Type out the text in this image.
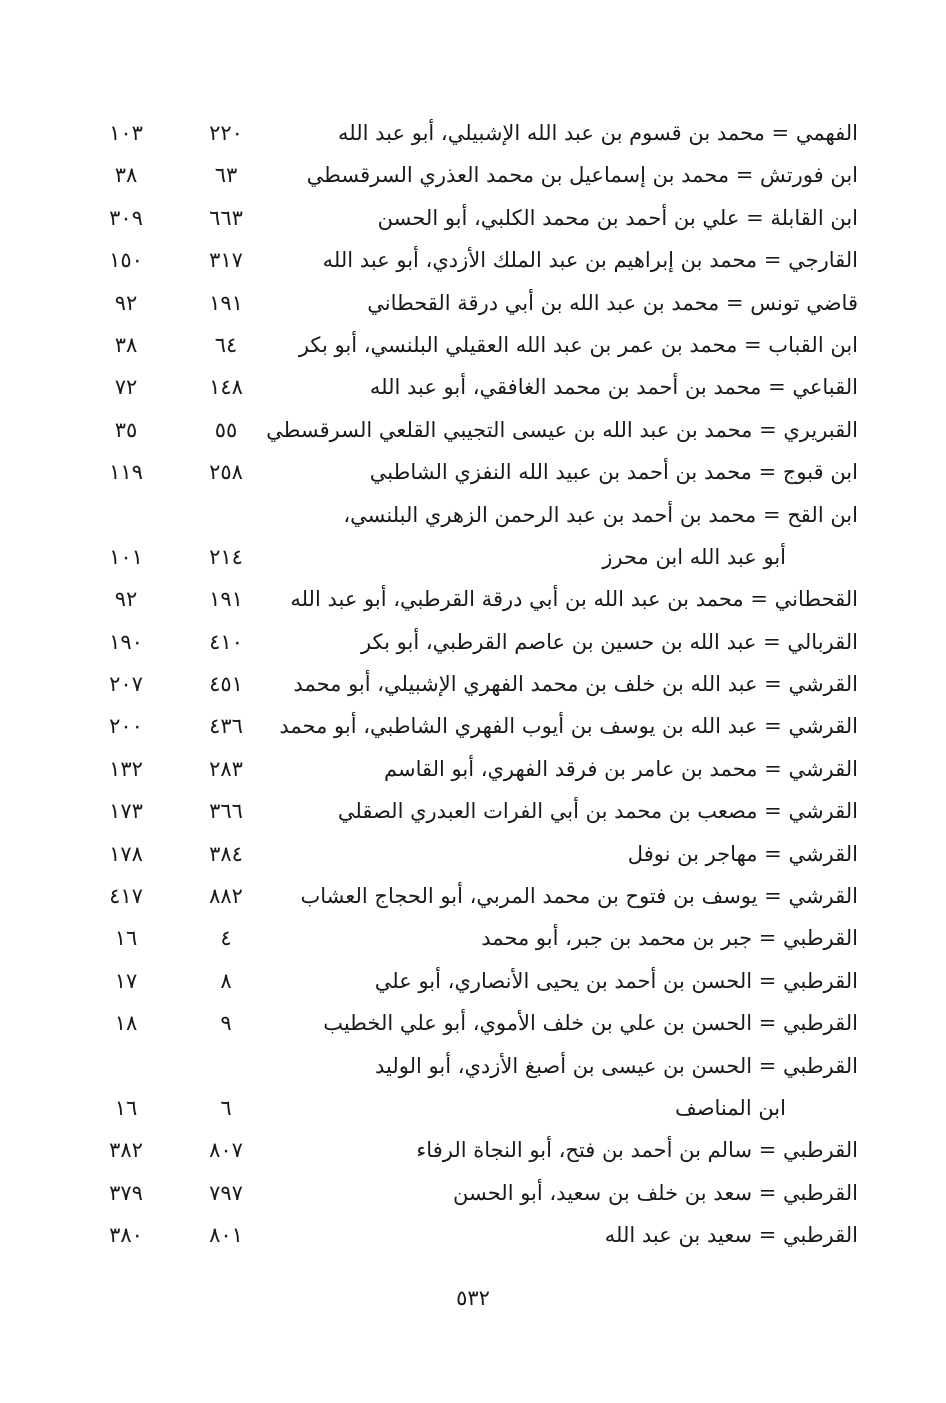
الفهمي = محمد بن قسوم بن عبد الله الإشبيلي، أبو عبد الله
٢٢٠
١٠٣
ابن فورتش = محمد بن إسماعيل بن محمد العذري السرقسطي
٦٣
٣٨
ابن القابلة = علي بن أحمد بن محمد الكلبي، أبو الحسن
٦٦٣
٣٠٩
القارجي = محمد بن إبراهيم بن عبد الملك الأزدي، أبو عبد الله
٣١٧
١٥٠
قاضي تونس = محمد بن عبد الله بن أبي درقة القحطاني
١٩١
٩٢
ابن القباب = محمد بن عمر بن عبد الله العقيلي البلنسي، أبو بكر
٦٤
٣٨
القباعي = محمد بن أحمد بن محمد الغافقي، أبو عبد الله
١٤٨
٧٢
القبريري = محمد بن عبد الله بن عيسى التجيبي القلعي السرقسطي
٥٥
٣٥
ابن قبوج = محمد بن أحمد بن عبيد الله النفزي الشاطبي
٢٥٨
١١٩
ابن القح = محمد بن أحمد بن عبد الرحمن الزهري البلنسي،
أبو عبد الله ابن محرز
٢١٤
١٠١
القحطاني = محمد بن عبد الله بن أبي درقة القرطبي، أبو عبد الله
١٩١
٩٢
القربالي = عبد الله بن حسين بن عاصم القرطبي، أبو بكر
٤١٠
١٩٠
القرشي = عبد الله بن خلف بن محمد الفهري الإشبيلي، أبو محمد
٤٥١
٢٠٧
القرشي = عبد الله بن يوسف بن أيوب الفهري الشاطبي، أبو محمد
٤٣٦
٢٠٠
القرشي = محمد بن عامر بن فرقد الفهري، أبو القاسم
٢٨٣
١٣٢
القرشي = مصعب بن محمد بن أبي الفرات العبدري الصقلي
٣٦٦
١٧٣
القرشي = مهاجر بن نوفل
٣٨٤
١٧٨
القرشي = يوسف بن فتوح بن محمد المربي، أبو الحجاج العشاب
٨٨٢
٤١٧
القرطبي = جبر بن محمد بن جبر، أبو محمد
٤
١٦
القرطبي = الحسن بن أحمد بن يحيى الأنصاري، أبو علي
٨
١٧
القرطبي = الحسن بن علي بن خلف الأموي، أبو علي الخطيب
٩
١٨
القرطبي = الحسن بن عيسى بن أصبغ الأزدي، أبو الوليد
ابن المناصف
٦
١٦
القرطبي = سالم بن أحمد بن فتح، أبو النجاة الرفاء
٨٠٧
٣٨٢
القرطبي = سعد بن خلف بن سعيد، أبو الحسن
٧٩٧
٣٧٩
القرطبي = سعيد بن عبد الله
٨٠١
٣٨٠
٥٣٢
